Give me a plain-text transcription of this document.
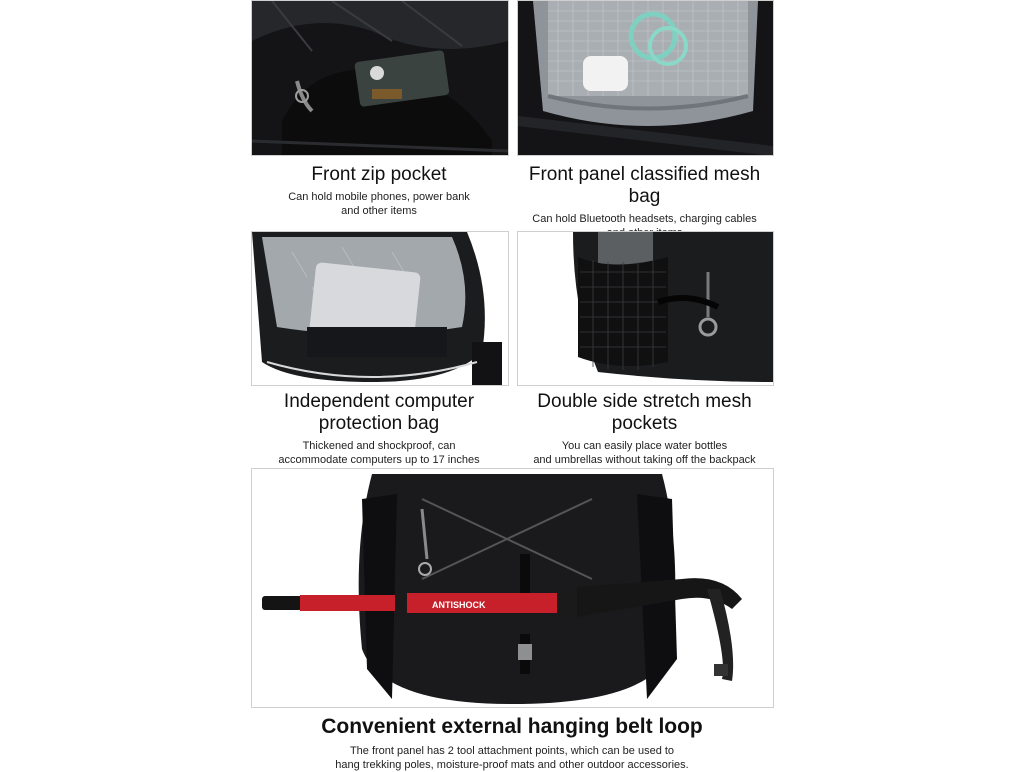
Front zip pocket
Can hold mobile phones, power bank
and other items
Front panel classified mesh bag
Can hold Bluetooth headsets, charging cables

Independent computer
protection bag
Thickened and shockproof, can
accommodate computers up to 17 inches
Double side stretch mesh pockets
You can easily place water bottles
and umbrellas without taking off the backpack
ANTISHOCK
Convenient external hanging belt loop
The front panel has 2 tool attachment points, which can be used to
hang trekking poles, moisture-proof mats and other outdoor accessories.
